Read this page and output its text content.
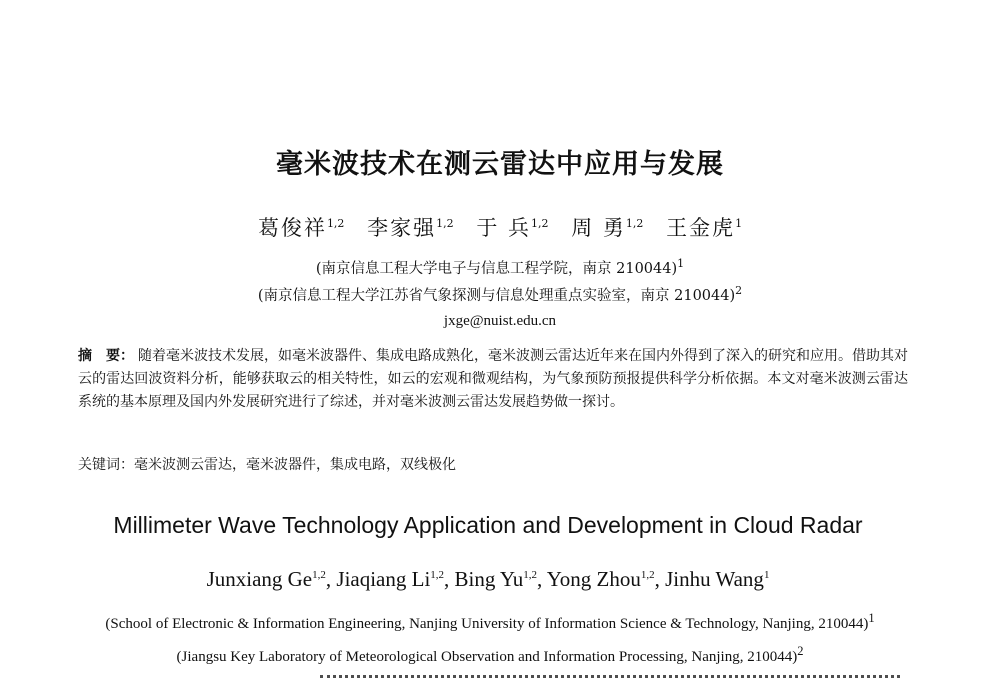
毫米波技术在测云雷达中应用与发展
葛俊祥$^{1,2}$ 李家强$^{1,2}$ 于 兵$^{1,2}$ 周 勇$^{1,2}$ 王金虎$^1$
(南京信息工程大学电子与信息工程学院，南京 210044)$^1$
(南京信息工程大学江苏省气象探测与信息处理重点实验室，南京 210044)$^2$
jxge@nuist.edu.cn
摘　要： 随着毫米波技术发展，如毫米波器件、集成电路成熟化，毫米波测云雷达近年来在国内外得到了深入的研究和应用。借助其对云的雷达回波资料分析，能够获取云的相关特性，如云的宏观和微观结构，为气象预防预报提供科学分析依据。本文对毫米波测云雷达系统的基本原理及国内外发展研究进行了综述，并对毫米波测云雷达发展趋势做一探讨。
关键词：毫米波测云雷达，毫米波器件，集成电路，双线极化
Millimeter Wave Technology Application and Development in Cloud Radar
Junxiang Ge$^{1,2}$, Jiaqiang Li$^{1,2}$, Bing Yu$^{1,2}$, Yong Zhou$^{1,2}$, Jinhu Wang$^1$
(School of Electronic & Information Engineering, Nanjing University of Information Science & Technology, Nanjing, 210044)$^1$ (Jiangsu Key Laboratory of Meteorological Observation and Information Processing, Nanjing, 210044)$^2$
